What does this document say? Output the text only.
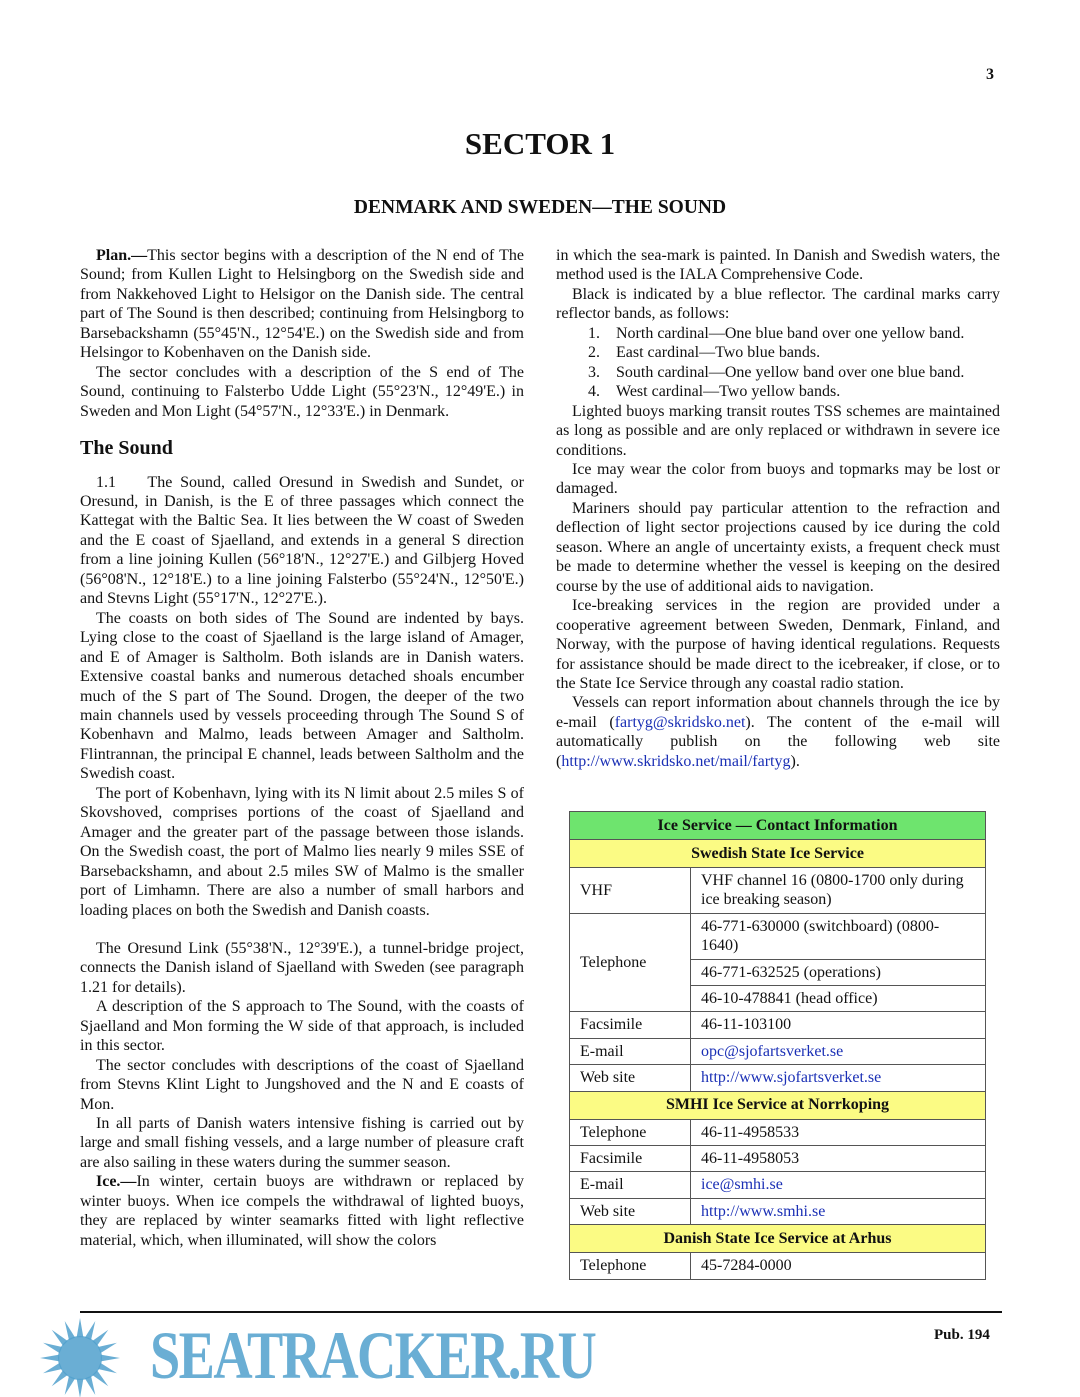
3
SECTOR 1
DENMARK AND SWEDEN—THE SOUND

Plan.—This sector begins with a description of the N end of The Sound; from Kullen Light to Helsingborg on the Swedish side and from Nakkehoved Light to Helsigor on the Danish side. The central part of The Sound is then described; continuing from Helsingborg to Barsebackshamn (55°45'N., 12°54'E.) on the Swedish side and from Helsingor to Kobenhaven on the Danish side.

The sector concludes with a description of the S end of The Sound, continuing to Falsterbo Udde Light (55°23'N., 12°49'E.) in Sweden and Mon Light (54°57'N., 12°33'E.) in Denmark.

The Sound

1.1 The Sound, called Oresund in Swedish and Sundet, or Oresund, in Danish, is the E of three passages which connect the Kattegat with the Baltic Sea. It lies between the W coast of Sweden and the E coast of Sjaelland, and extends in a general S direction from a line joining Kullen (56°18'N., 12°27'E.) and Gilbjerg Hoved (56°08'N., 12°18'E.) to a line joining Falsterbo (55°24'N., 12°50'E.) and Stevns Light (55°17'N., 12°27'E.).

The coasts on both sides of The Sound are indented by bays. Lying close to the coast of Sjaelland is the large island of Amager, and E of Amager is Saltholm. Both islands are in Danish waters. Extensive coastal banks and numerous detached shoals encumber much of the S part of The Sound. Drogen, the deeper of the two main channels used by vessels proceeding through The Sound S of Kobenhavn and Malmo, leads between Amager and Saltholm. Flintrannan, the principal E channel, leads between Saltholm and the Swedish coast.

The port of Kobenhavn, lying with its N limit about 2.5 miles S of Skovshoved, comprises portions of the coast of Sjaelland and Amager and the greater part of the passage between those islands. On the Swedish coast, the port of Malmo lies nearly 9 miles SSE of Barsebackshamn, and about 2.5 miles SW of Malmo is the smaller port of Limhamn. There are also a number of small harbors and loading places on both the Swedish and Danish coasts.

The Oresund Link (55°38'N., 12°39'E.), a tunnel-bridge project, connects the Danish island of Sjaelland with Sweden (see paragraph 1.21 for details).

A description of the S approach to The Sound, with the coasts of Sjaelland and Mon forming the W side of that approach, is included in this sector.

The sector concludes with descriptions of the coast of Sjaelland from Stevns Klint Light to Jungshoved and the N and E coasts of Mon.

In all parts of Danish waters intensive fishing is carried out by large and small fishing vessels, and a large number of pleasure craft are also sailing in these waters during the summer season.

Ice.—In winter, certain buoys are withdrawn or replaced by winter buoys. When ice compels the withdrawal of lighted buoys, they are replaced by winter seamarks fitted with light reflective material, which, when illuminated, will show the colors

in which the sea-mark is painted. In Danish and Swedish waters, the method used is the IALA Comprehensive Code.

Black is indicated by a blue reflector. The cardinal marks carry reflector bands, as follows:

1. North cardinal—One blue band over one yellow band.
2. East cardinal—Two blue bands.
3. South cardinal—One yellow band over one blue band.
4. West cardinal—Two yellow bands.

Lighted buoys marking transit routes TSS schemes are maintained as long as possible and are only replaced or withdrawn in severe ice conditions.

Ice may wear the color from buoys and topmarks may be lost or damaged.

Mariners should pay particular attention to the refraction and deflection of light sector projections caused by ice during the cold season. Where an angle of uncertainty exists, a frequent check must be made to determine whether the vessel is keeping on the desired course by the use of additional aids to navigation.

Ice-breaking services in the region are provided under a cooperative agreement between Sweden, Denmark, Finland, and Norway, with the purpose of having identical regulations. Requests for assistance should be made direct to the icebreaker, if close, or to the State Ice Service through any coastal radio station.

Vessels can report information about channels through the ice by e-mail (fartyg@skridsko.net). The content of the e-mail will automatically publish on the following web site (http://www.skridsko.net/mail/fartyg).

Ice Service — Contact Information	
Swedish State Ice Service	
VHF	VHF channel 16 (0800-1700 only during ice breaking season)
Telephone	46-771-630000 (switchboard) (0800-1640)
	46-771-632525 (operations)
	46-10-478841 (head office)
Facsimile	46-11-103100
E-mail	opc@sjofartsverket.se
Web site	http://www.sjofartsverket.se
SMHI Ice Service at Norrkoping	
Telephone	46-11-4958533
Facsimile	46-11-4958053
E-mail	ice@smhi.se
Web site	http://www.smhi.se
Danish State Ice Service at Arhus	
Telephone	45-7284-0000
Pub. 194
SEATRACKER.RU
